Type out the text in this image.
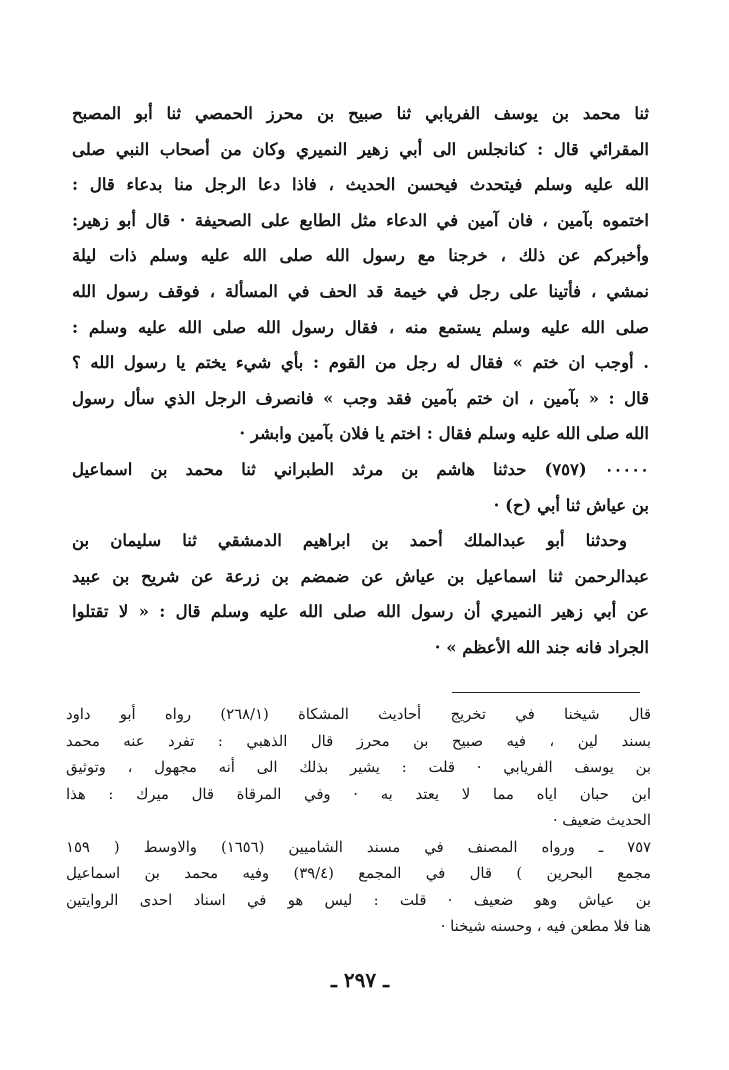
ثنا محمد بن يوسف الفريابي ثنا صبيح بن محرز الحمصي ثنا أبو المصبح
المقرائي قال : كنانجلس الى أبي زهير النميري وكان من أصحاب النبي صلى
الله عليه وسلم فيتحدث فيحسن الحديث ، فاذا دعا الرجل منا بدعاء قال :
اختموه بآمين ، فان آمين في الدعاء مثل الطابع على الصحيفة · قال أبو زهير:
وأخبركم عن ذلك ، خرجنا مع رسول الله صلى الله عليه وسلم ذات ليلة
نمشي ، فأتينا على رجل في خيمة قد الحف في المسألة ، فوقف رسول الله
صلى الله عليه وسلم يستمع منه ، فقال رسول الله صلى الله عليه وسلم :
. أوجب ان ختم » فقال له رجل من القوم : بأي شيء يختم يا رسول الله ؟
قال : « بآمين ، ان ختم بآمين فقد وجب » فانصرف الرجل الذي سأل رسول
الله صلى الله عليه وسلم فقال : اختم يا فلان بآمين وابشر ·
٠٠٠٠٠ (٧٥٧) حدثنا هاشم بن مرثد الطبراني ثنا محمد بن اسماعيل
بن عياش ثنا أبي (ح) ·
وحدثنا أبو عبدالملك أحمد بن ابراهيم الدمشقي ثنا سليمان بن
عبدالرحمن ثنا اسماعيل بن عياش عن ضمضم بن زرعة عن شريح بن عبيد
عن أبي زهير النميري أن رسول الله صلى الله عليه وسلم قال : « لا تقتلوا
الجراد فانه جند الله الأعظم » ·
قال شيخنا في تخريج أحاديث المشكاة (٢٦٨/١) رواه أبو داود
بسند لين ، فيه صبيح بن محرز قال الذهبي : تفرد عنه محمد
بن يوسف الفريابي · قلت : يشير بذلك الى أنه مجهول ، وتوثيق
ابن حبان اياه مما لا يعتد به · وفي المرقاة قال ميرك : هذا
الحديث ضعيف ·
٧٥٧ ـ ورواه المصنف في مسند الشاميين (١٦٥٦) والاوسط ( ١٥٩
مجمع البحرين ) قال في المجمع (٣٩/٤) وفيه محمد بن اسماعيل
بن عياش وهو ضعيف · قلت : ليس هو في اسناد احدى الروايتين
هنا فلا مطعن فيه ، وحسنه شيخنا ·
ـ ٢٩٧ ـ
